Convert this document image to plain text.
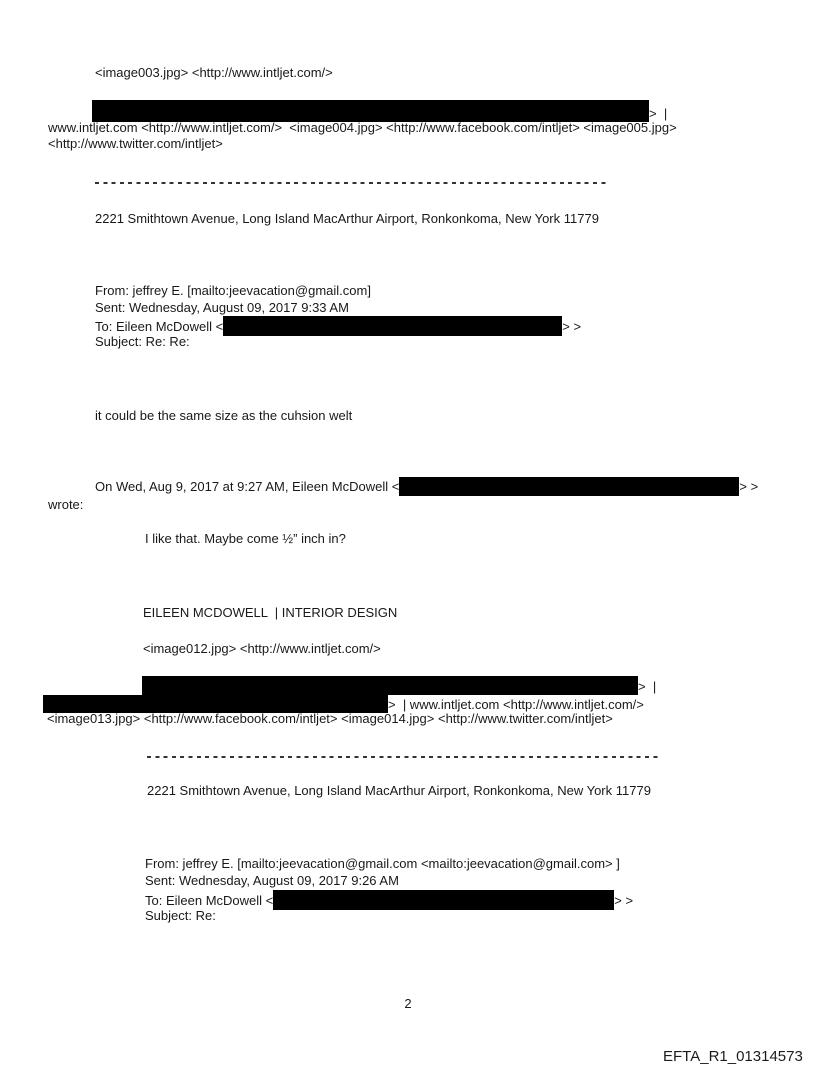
<image003.jpg> <http://www.intljet.com/>
>  |
www.intljet.com <http://www.intljet.com/>  <image004.jpg> <http://www.facebook.com/intljet> <image005.jpg>
<http://www.twitter.com/intljet>
2221 Smithtown Avenue, Long Island MacArthur Airport, Ronkonkoma, New York 11779
From: jeffrey E. [mailto:jeevacation@gmail.com]
Sent: Wednesday, August 09, 2017 9:33 AM
To: Eileen McDowell <	> >
Subject: Re: Re:
it could be the same size as the cuhsion welt
On Wed, Aug 9, 2017 at 9:27 AM, Eileen McDowell <	> >
wrote:
I like that. Maybe come ½” inch in?
EILEEN MCDOWELL  | INTERIOR DESIGN
<image012.jpg> <http://www.intljet.com/>
>  |
>  | www.intljet.com <http://www.intljet.com/>
<image013.jpg> <http://www.facebook.com/intljet> <image014.jpg> <http://www.twitter.com/intljet>
2221 Smithtown Avenue, Long Island MacArthur Airport, Ronkonkoma, New York 11779
From: jeffrey E. [mailto:jeevacation@gmail.com <mailto:jeevacation@gmail.com> ]
Sent: Wednesday, August 09, 2017 9:26 AM
To: Eileen McDowell <	> >
Subject: Re:
2
EFTA_R1_01314573
